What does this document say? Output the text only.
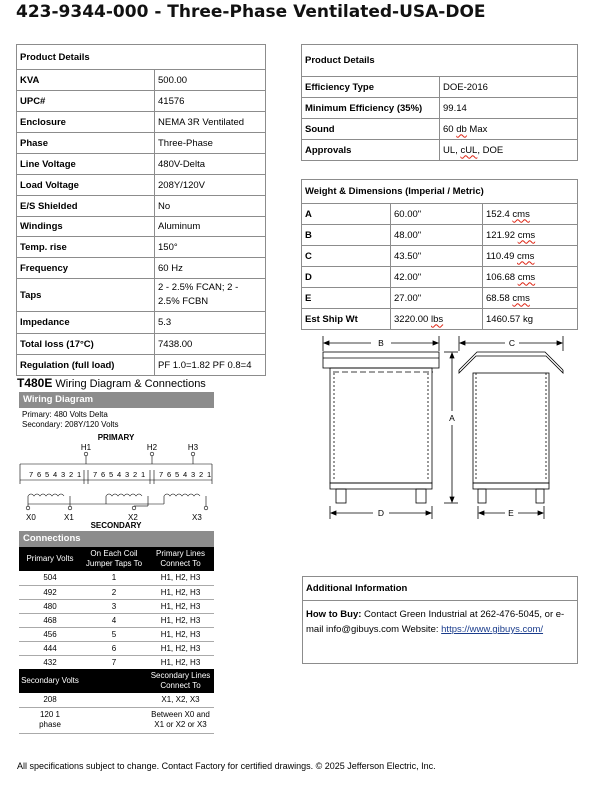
423-9344-000 - Three-Phase Ventilated-USA-DOE
Product Details	
KVA	500.00
UPC#	41576
Enclosure	NEMA 3R Ventilated
Phase	Three-Phase
Line Voltage	480V-Delta
Load Voltage	208Y/120V
E/S Shielded	No
Windings	Aluminum
Temp. rise	150°
Frequency	60 Hz
Taps	2 - 2.5% FCAN; 2 - 2.5% FCBN
Impedance	5.3
Total loss (17°C)	7438.00
Regulation (full load)	PF 1.0=1.82 PF 0.8=4
Product Details	
Efficiency Type	DOE-2016
Minimum Efficiency (35%)	99.14
Sound	60 db Max
Approvals	UL, cUL, DOE
Weight & Dimensions (Imperial / Metric)		
A	60.00"	152.4 cms
B	48.00"	121.92 cms
C	43.50"	110.49 cms
D	42.00"	106.68 cms
E	27.00"	68.58 cms
Est Ship Wt	3220.00 lbs	1460.57 kg
B
D
A
C
E
T480E Wiring Diagram & Connections
Wiring Diagram
Primary: 480 Volts Delta
Secondary: 208Y/120 Volts
PRIMARY
H1	H2	H3
7 6 5 4 3 2 1 7 6 5 4 3 2 1 7 6 5 4 3 2 1
X0	X1	X2	X3
SECONDARY
Connections
Primary Volts	On Each Coil Jumper Taps To	Primary Lines Connect To
504	1	H1, H2, H3
492	2	H1, H2, H3
480	3	H1, H2, H3
468	4	H1, H2, H3
456	5	H1, H2, H3
444	6	H1, H2, H3
432	7	H1, H2, H3
Secondary Volts		Secondary Lines Connect To
208		X1, X2, X3
120 1 phase		Between X0 and X1 or X2 or X3
Additional Information
How to Buy: Contact Green Industrial at 262-476-5045, or e-mail info@gibuys.com Website: https://www.gibuys.com/
All specifications subject to change. Contact Factory for certified drawings. © 2025 Jefferson Electric, Inc.
